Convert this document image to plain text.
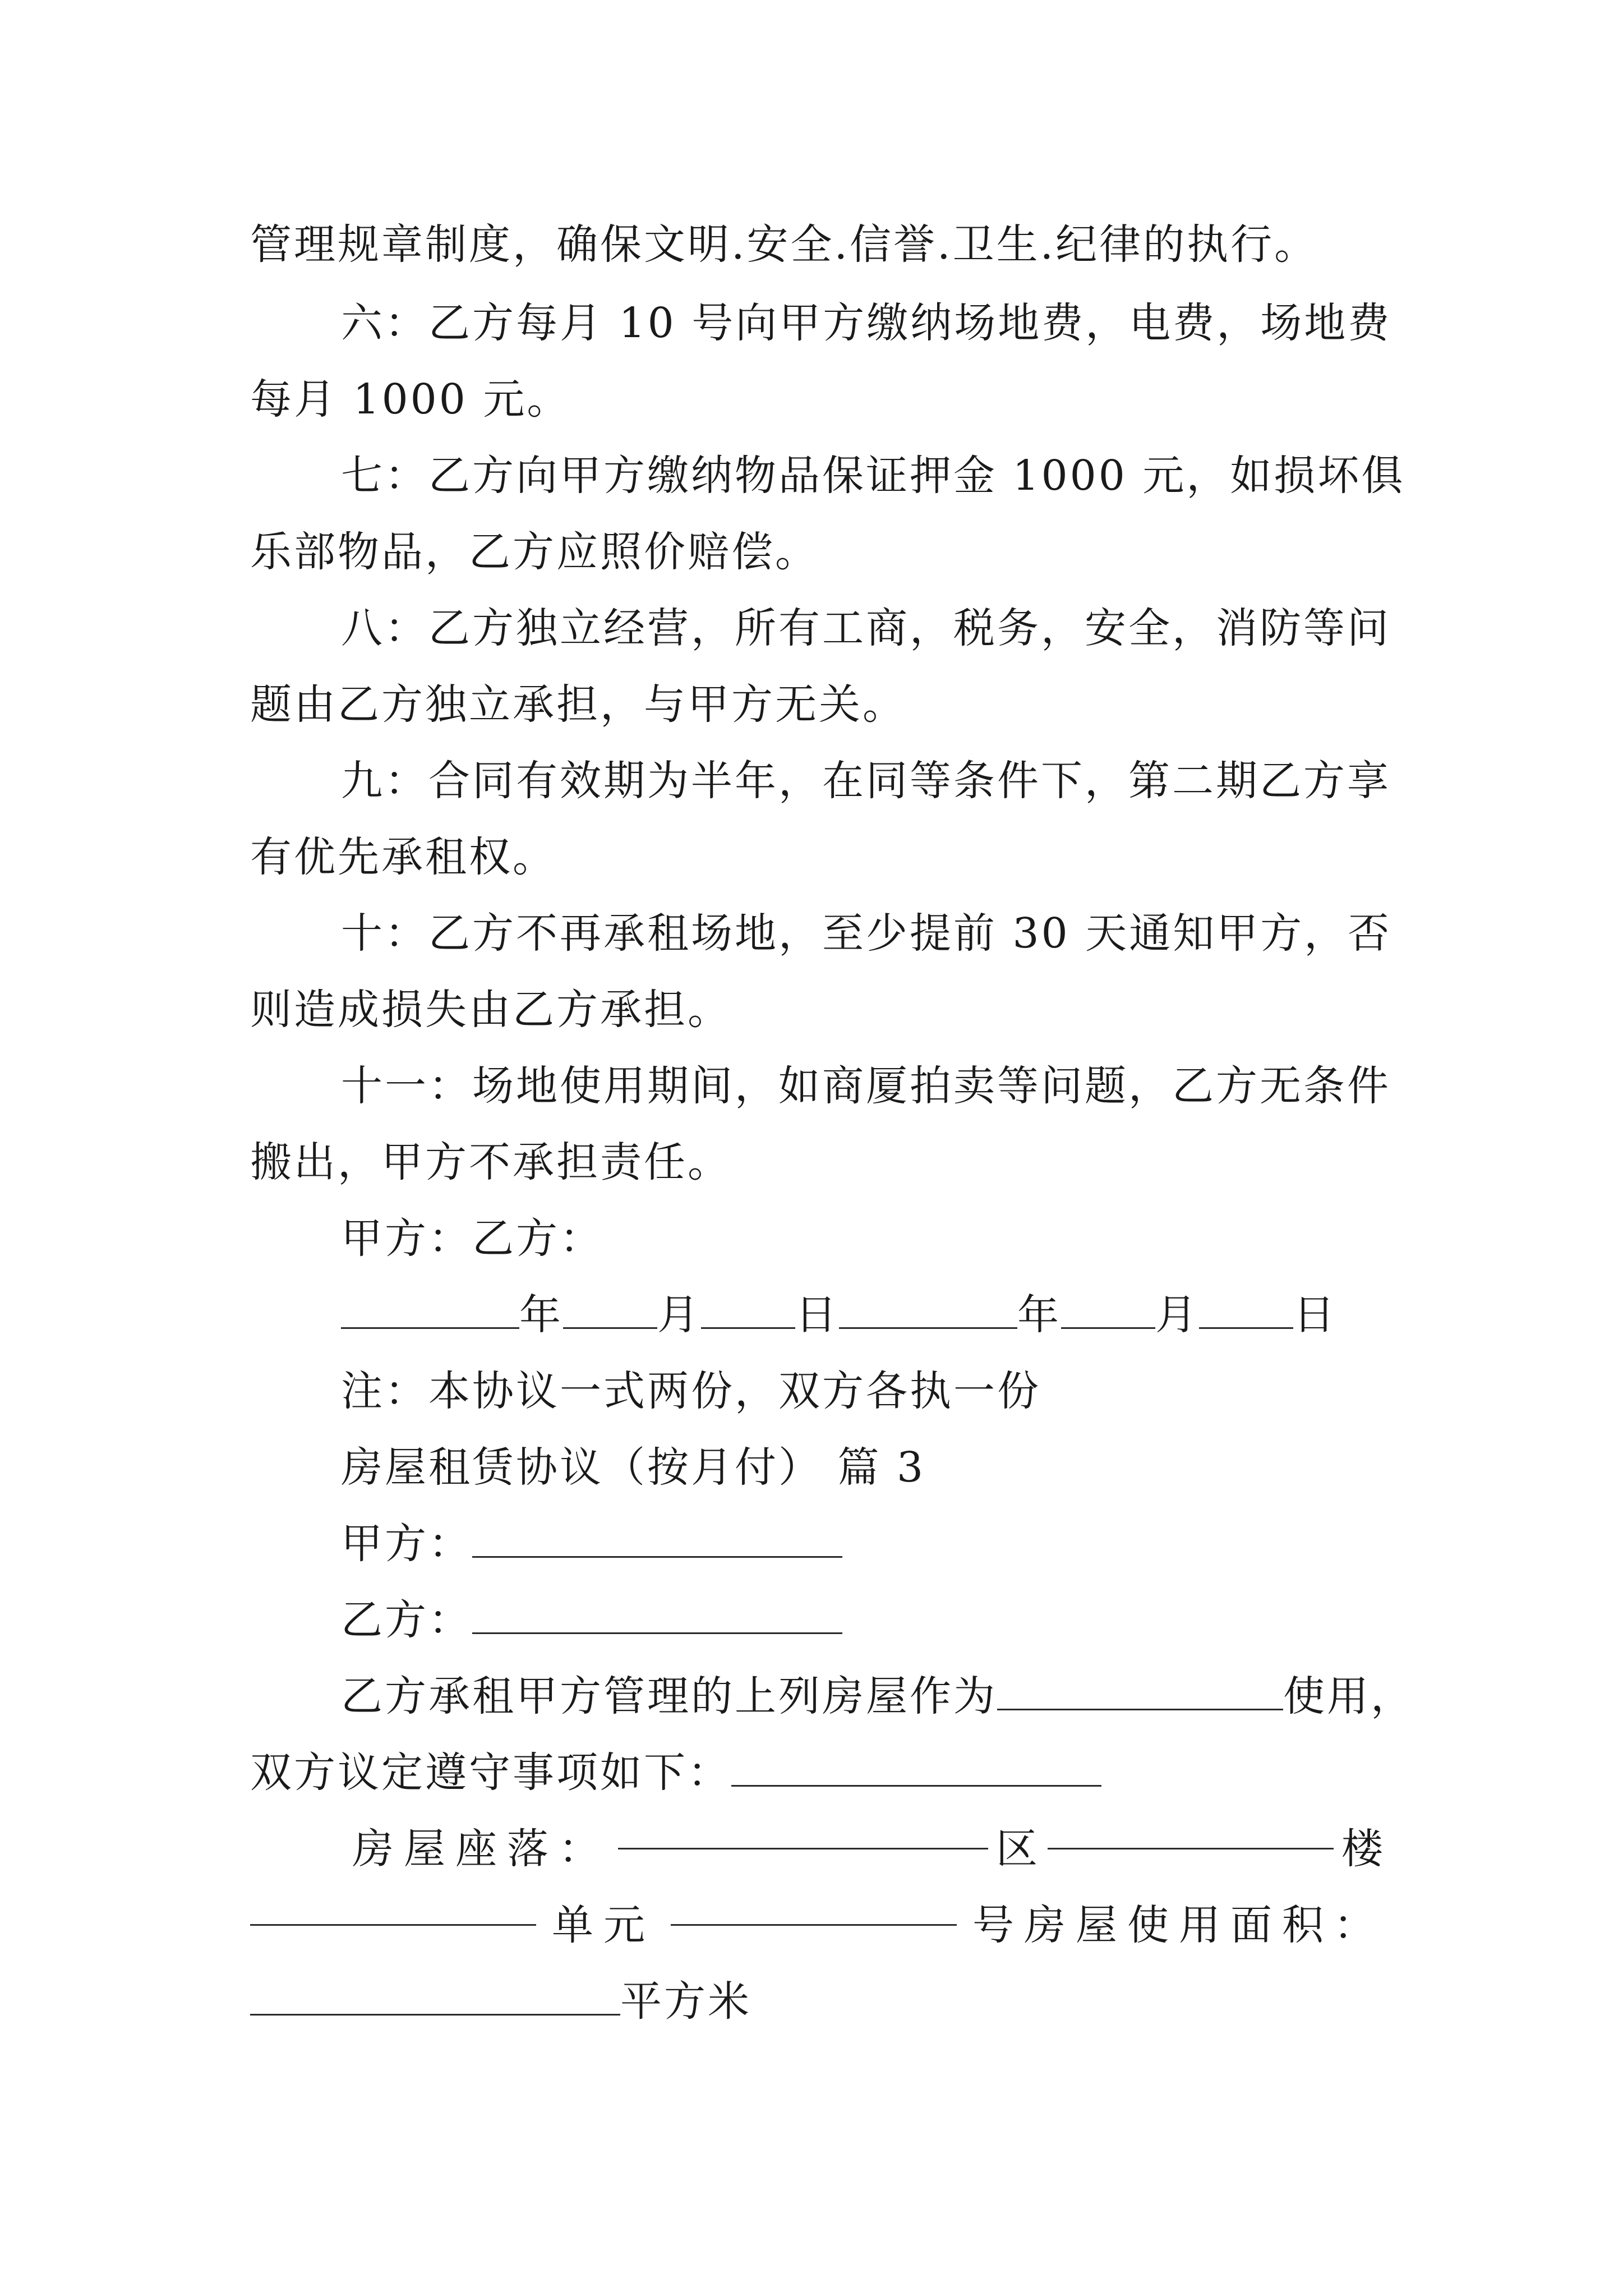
管理规章制度，确保文明.安全.信誉.卫生.纪律的执行。
六：乙方每月 10 号向甲方缴纳场地费，电费，场地费
每月 1000 元。
七：乙方向甲方缴纳物品保证押金 1000 元，如损坏俱
乐部物品，乙方应照价赔偿。
八：乙方独立经营，所有工商，税务，安全，消防等问
题由乙方独立承担，与甲方无关。
九：合同有效期为半年，在同等条件下，第二期乙方享
有优先承租权。
十：乙方不再承租场地，至少提前 30 天通知甲方，否
则造成损失由乙方承担。
十一：场地使用期间，如商厦拍卖等问题，乙方无条件
搬出，甲方不承担责任。
甲方：乙方：
年 月 日	年 月 日
注：本协议一式两份，双方各执一份
房屋租赁协议（按月付） 篇 3
甲方：
乙方：
乙方承租甲方管理的上列房屋作为	使用，
双方议定遵守事项如下：
房屋座落：	区	楼
单元	号房屋使用面积：
平方米
